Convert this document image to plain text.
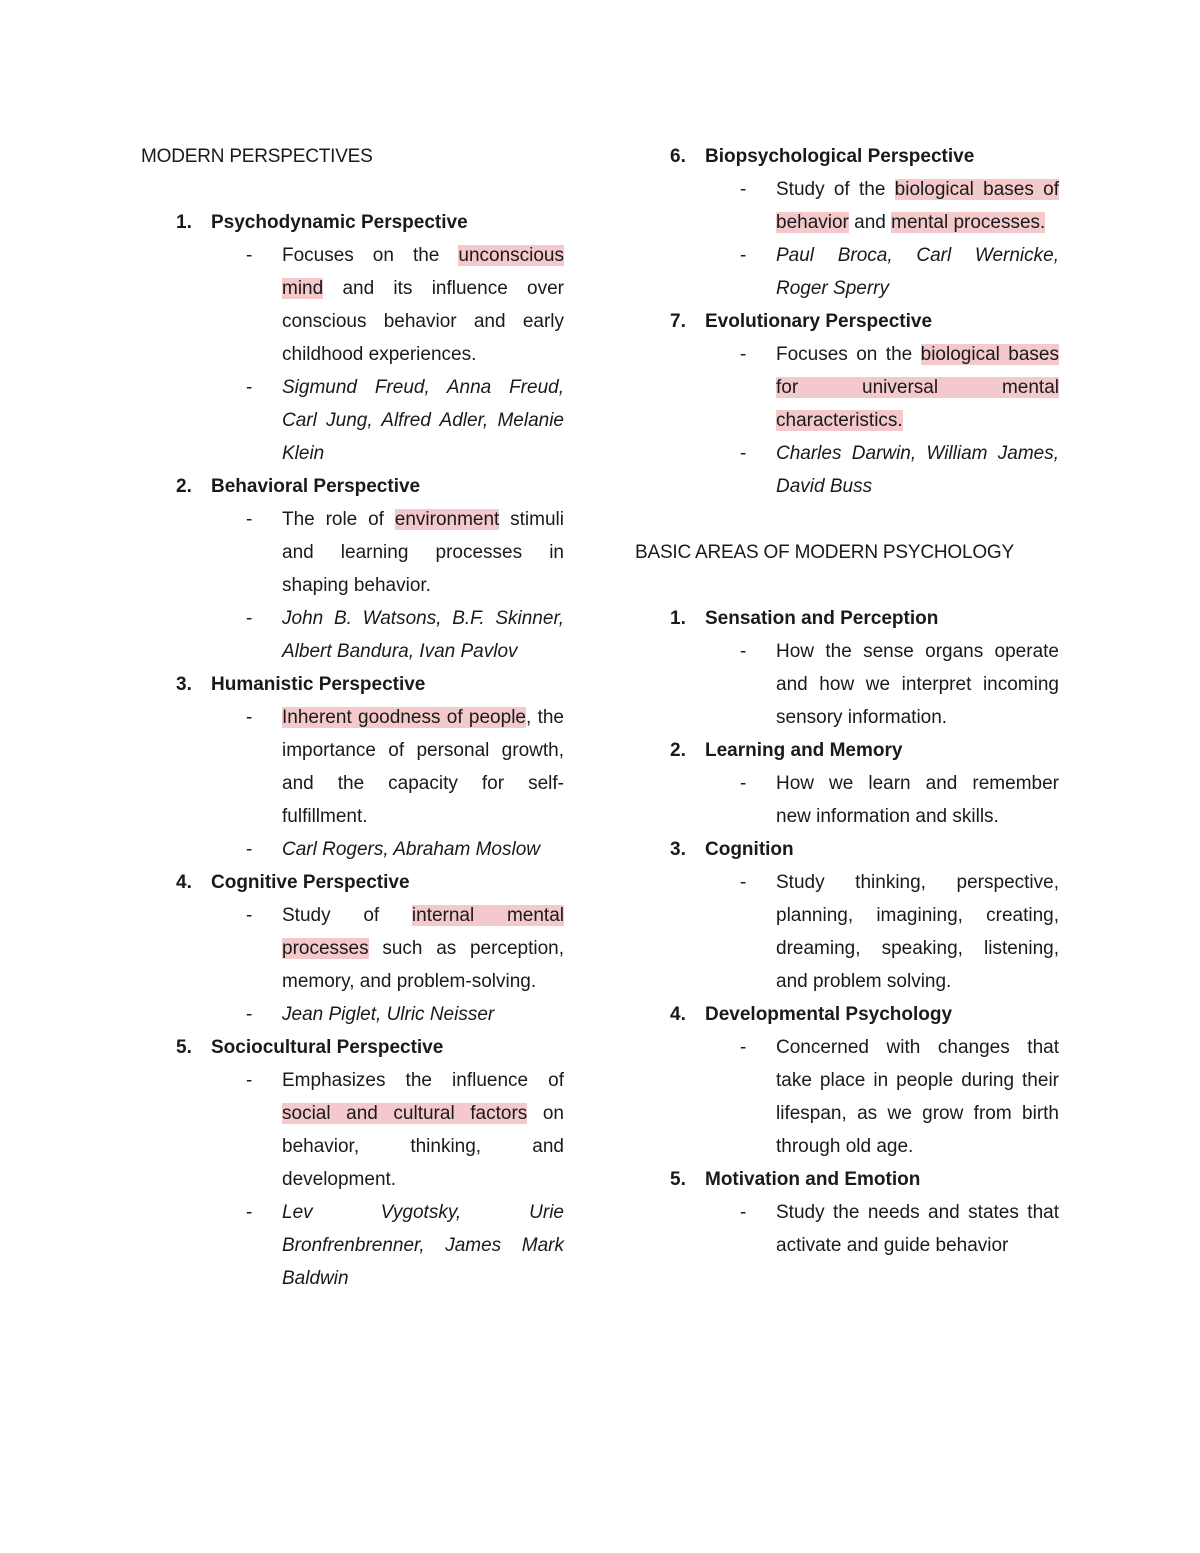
MODERN PERSPECTIVES
1. Psychodynamic Perspective
- Focuses on the unconscious mind and its influence over conscious behavior and early childhood experiences.
- Sigmund Freud, Anna Freud, Carl Jung, Alfred Adler, Melanie Klein
2. Behavioral Perspective
- The role of environment stimuli and learning processes in shaping behavior.
- John B. Watsons, B.F. Skinner, Albert Bandura, Ivan Pavlov
3. Humanistic Perspective
- Inherent goodness of people, the importance of personal growth, and the capacity for self-fulfillment.
- Carl Rogers, Abraham Moslow
4. Cognitive Perspective
- Study of internal mental processes such as perception, memory, and problem-solving.
- Jean Piglet, Ulric Neisser
5. Sociocultural Perspective
- Emphasizes the influence of social and cultural factors on behavior, thinking, and development.
- Lev Vygotsky, Urie Bronfrenbrenner, James Mark Baldwin
6. Biopsychological Perspective
- Study of the biological bases of behavior and mental processes.
- Paul Broca, Carl Wernicke, Roger Sperry
7. Evolutionary Perspective
- Focuses on the biological bases for universal mental characteristics.
- Charles Darwin, William James, David Buss
BASIC AREAS OF MODERN PSYCHOLOGY
1. Sensation and Perception
- How the sense organs operate and how we interpret incoming sensory information.
2. Learning and Memory
- How we learn and remember new information and skills.
3. Cognition
- Study thinking, perspective, planning, imagining, creating, dreaming, speaking, listening, and problem solving.
4. Developmental Psychology
- Concerned with changes that take place in people during their lifespan, as we grow from birth through old age.
5. Motivation and Emotion
- Study the needs and states that activate and guide behavior
